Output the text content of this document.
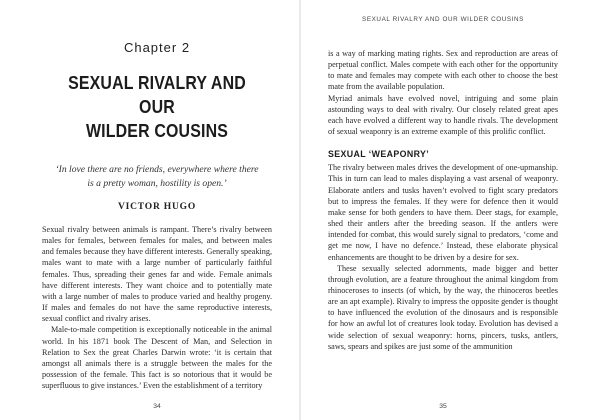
Chapter 2
SEXUAL RIVALRY AND OUR
WILDER COUSINS
‘In love there are no friends, everywhere where there is a pretty woman, hostility is open.’
VICTOR HUGO

Sexual rivalry between animals is rampant. There’s rivalry between males for females, between females for males, and between males and females because they have different interests. Generally speaking, males want to mate with a large number of particularly faithful females. Thus, spreading their genes far and wide. Female animals have different interests. They want choice and to potentially mate with a large number of males to produce varied and healthy progeny. If males and females do not have the same reproductive interests, sexual conflict and rivalry arises.

Male-to-male competition is exceptionally noticeable in the animal world. In his 1871 book The Descent of Man, and Selection in Relation to Sex the great Charles Darwin wrote: ‘it is certain that amongst all animals there is a struggle between the males for the possession of the female. This fact is so notorious that it would be superfluous to give instances.’ Even the establishment of a territory

34
SEXUAL RIVALRY AND OUR WILDER COUSINS

is a way of marking mating rights. Sex and reproduction are areas of perpetual conflict. Males compete with each other for the opportunity to mate and females may compete with each other to choose the best mate from the available population.

Myriad animals have evolved novel, intriguing and some plain astounding ways to deal with rivalry. Our closely related great apes each have evolved a different way to handle rivals. The development of sexual weaponry is an extreme example of this prolific conflict.

SEXUAL ‘WEAPONRY’

The rivalry between males drives the development of one-upmanship. This in turn can lead to males displaying a vast arsenal of weaponry. Elaborate antlers and tusks haven’t evolved to fight scary predators but to impress the females. If they were for defence then it would make sense for both genders to have them. Deer stags, for example, shed their antlers after the breeding season. If the antlers were intended for combat, this would surely signal to predators, ‘come and get me now, I have no defence.’ Instead, these elaborate physical enhancements are thought to be driven by a desire for sex.

These sexually selected adornments, made bigger and better through evolution, are a feature throughout the animal kingdom from rhinoceroses to insects (of which, by the way, the rhinoceros beetles are an apt example). Rivalry to impress the opposite gender is thought to have influenced the evolution of the dinosaurs and is responsible for how an awful lot of creatures look today. Evolution has devised a wide selection of sexual weaponry: horns, pincers, tusks, antlers, saws, spears and spikes are just some of the ammunition

35
